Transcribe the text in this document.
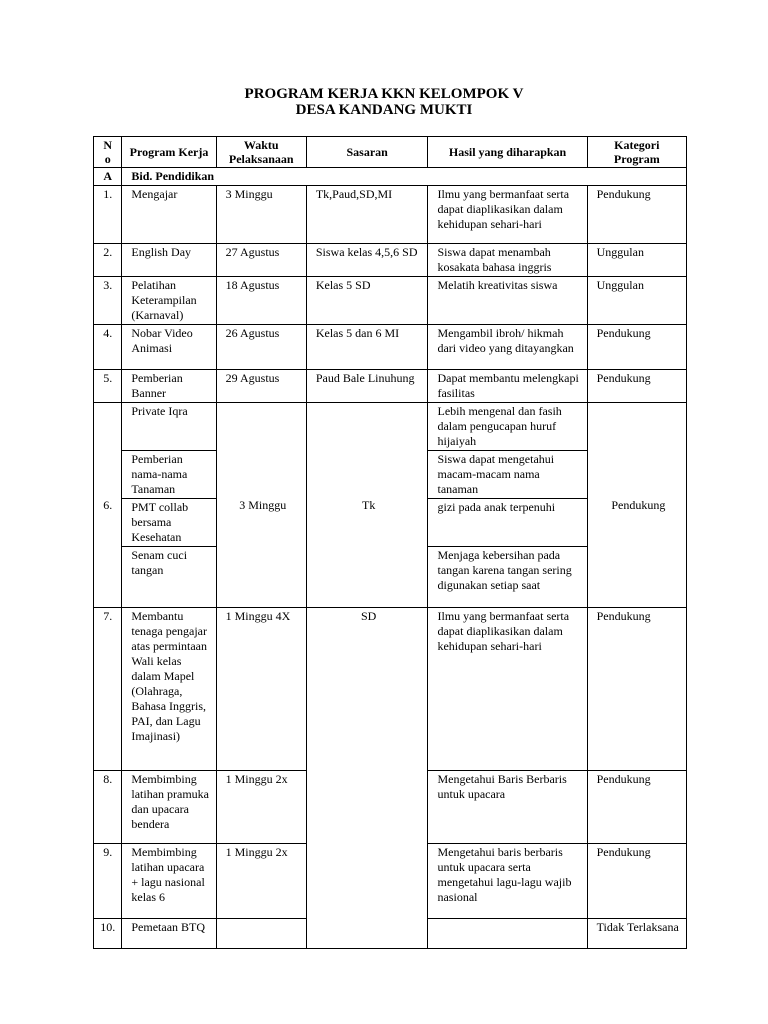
PROGRAM KERJA KKN KELOMPOK V
DESA KANDANG MUKTI
N o	Program Kerja	Waktu Pelaksanaan	Sasaran	Hasil yang diharapkan	Kategori Program
A	Bid. Pendidikan				
1.	Mengajar	3 Minggu	Tk,Paud,SD,MI	Ilmu yang bermanfaat serta dapat diaplikasikan dalam kehidupan sehari-hari	Pendukung
2.	English Day	27 Agustus	Siswa kelas 4,5,6 SD	Siswa dapat menambah kosakata bahasa inggris	Unggulan
3.	Pelatihan Keterampilan (Karnaval)	18 Agustus	Kelas 5 SD	Melatih kreativitas siswa	Unggulan
4.	Nobar Video Animasi	26 Agustus	Kelas 5 dan 6 MI	Mengambil ibroh/ hikmah dari video yang ditayangkan	Pendukung
5.	Pemberian Banner	29 Agustus	Paud Bale Linuhung	Dapat membantu melengkapi fasilitas	Pendukung
6.	Private Iqra	3 Minggu	Tk	Lebih mengenal dan fasih dalam pengucapan huruf hijaiyah	Pendukung
	Pemberian nama-nama Tanaman			Siswa dapat mengetahui macam-macam nama tanaman	
	PMT collab bersama Kesehatan			gizi pada anak terpenuhi	
	Senam cuci tangan			Menjaga kebersihan pada tangan karena tangan sering digunakan setiap saat	
7.	Membantu tenaga pengajar atas permintaan Wali kelas dalam Mapel (Olahraga, Bahasa Inggris, PAI, dan Lagu Imajinasi)	1 Minggu 4X	SD	Ilmu yang bermanfaat serta dapat diaplikasikan dalam kehidupan sehari-hari	Pendukung
8.	Membimbing latihan pramuka dan upacara bendera	1 Minggu 2x		Mengetahui Baris Berbaris untuk upacara	Pendukung
9.	Membimbing latihan upacara + lagu nasional kelas 6	1 Minggu 2x		Mengetahui baris berbaris untuk upacara serta mengetahui lagu-lagu wajib nasional	Pendukung
10.	Pemetaan BTQ				Tidak Terlaksana
